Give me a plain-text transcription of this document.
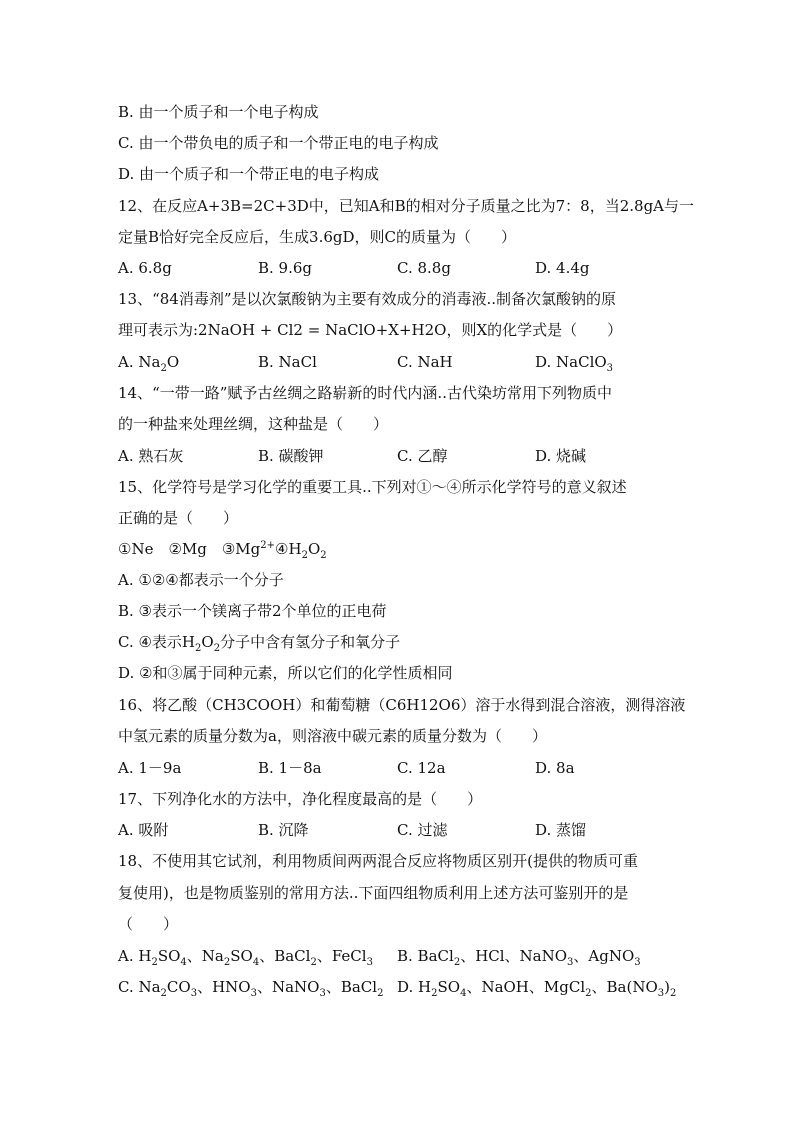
B. 由一个质子和一个电子构成
C. 由一个带负电的质子和一个带正电的电子构成
D. 由一个质子和一个带正电的电子构成
12、在反应A+3B=2C+3D中，已知A和B的相对分子质量之比为7：8，当2.8gA与一
定量B恰好完全反应后，生成3.6gD，则C的质量为（　　）
A. 6.8g	B. 9.6g	C. 8.8g	D. 4.4g
13、“84消毒剂”是以次氯酸钠为主要有效成分的消毒液..制备次氯酸钠的原
理可表示为:2NaOH + Cl2 = NaClO+X+H2O，则X的化学式是（　　）
A. $Na_2O$	B. NaCl	C. NaH	D. NaClO$_3$
14、“一带一路”赋予古丝绸之路崭新的时代内涵..古代染坊常用下列物质中
的一种盐来处理丝绸，这种盐是（　　）
A. 熟石灰	B. 碳酸钾	C. 乙醇	D. 烧碱
15、化学符号是学习化学的重要工具..下列对①～④所示化学符号的意义叙述
正确的是（　　）
①Ne　②Mg　$③Mg^{2+}④H_2O_2$
A. ①②④都表示一个分子
B. ③表示一个镁离子带2个单位的正电荷
C. ④表示$H_2O_2$分子中含有氢分子和氧分子
D. ②和③属于同种元素，所以它们的化学性质相同
16、将乙酸（CH3COOH）和葡萄糖（C6H12O6）溶于水得到混合溶液，测得溶液
中氢元素的质量分数为a，则溶液中碳元素的质量分数为（　　）
A. 1－9a	B. 1－8a	C. 12a	D. 8a
17、下列净化水的方法中，净化程度最高的是（　　）
A. 吸附	B. 沉降	C. 过滤	D. 蒸馏
18、不使用其它试剂，利用物质间两两混合反应将物质区别开(提供的物质可重
复使用)，也是物质鉴别的常用方法..下面四组物质利用上述方法可鉴别开的是
（　　）
A. $H_2SO_4$、$Na_2SO_4$、BaCl$_2$、FeCl$_3$ B. BaCl$_2$、HCl、NaNO$_3$、AgNO$_3$
C. $Na_2CO_3$、$HNO_3$、NaNO$_3$、BaCl$_2$ D. $H_2SO_4$、NaOH、MgCl$_2$、$Ba(NO_3)_2$
